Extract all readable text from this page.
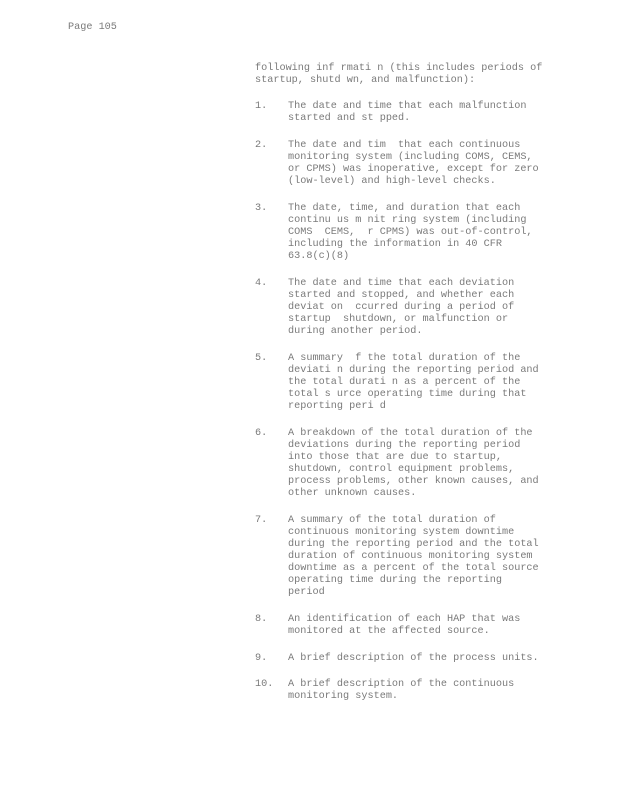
Page 105
following inf rmati n (this includes periods of
startup, shutd wn, and malfunction):
1.	The date and time that each malfunction
started and st pped.
2.	The date and tim  that each continuous
monitoring system (including COMS, CEMS,
or CPMS) was inoperative, except for zero
(low-level) and high-level checks.
3.	The date, time, and duration that each
continu us m nit ring system (including
COMS  CEMS,  r CPMS) was out-of-control,
including the information in 40 CFR
63.8(c)(8)
4.	The date and time that each deviation
started and stopped, and whether each
deviat on  ccurred during a period of
startup  shutdown, or malfunction or
during another period.
5.	A summary  f the total duration of the
deviati n during the reporting period and
the total durati n as a percent of the
total s urce operating time during that
reporting peri d
6.	A breakdown of the total duration of the
deviations during the reporting period
into those that are due to startup,
shutdown, control equipment problems,
process problems, other known causes, and
other unknown causes.
7.	A summary of the total duration of
continuous monitoring system downtime
during the reporting period and the total
duration of continuous monitoring system
downtime as a percent of the total source
operating time during the reporting
period
8.	An identification of each HAP that was
monitored at the affected source.
9.	A brief description of the process units.
10.	A brief description of the continuous
monitoring system.
